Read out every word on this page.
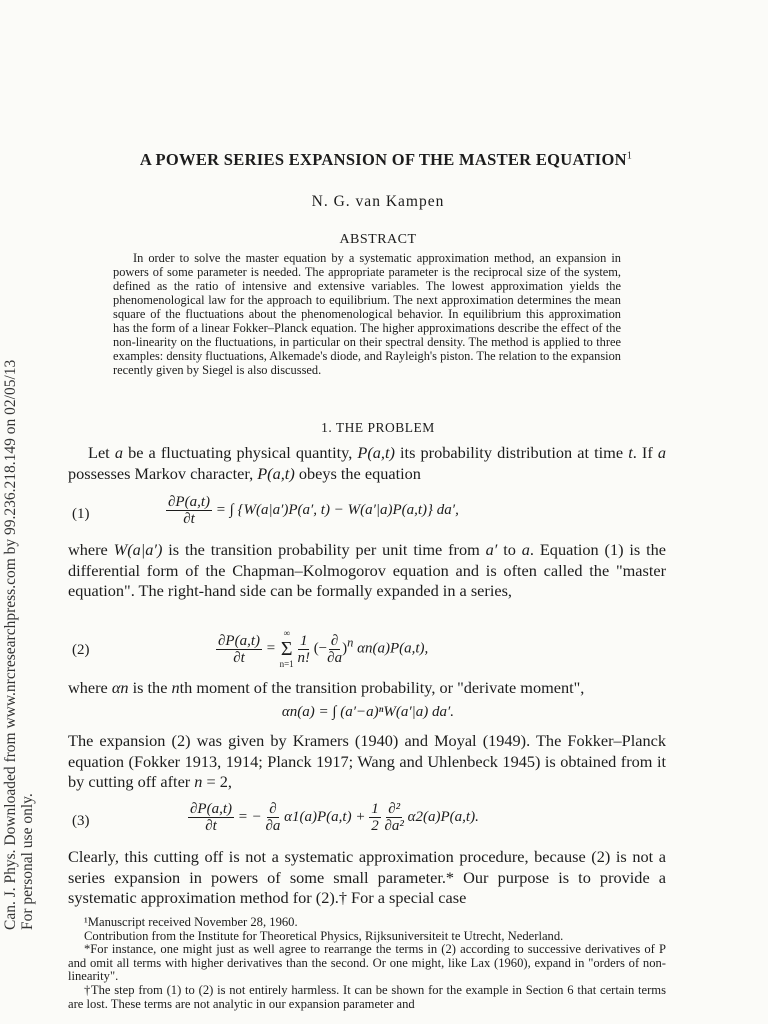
Can. J. Phys. Downloaded from www.nrcresearchpress.com by 99.236.218.149 on 02/05/13 For personal use only.
A POWER SERIES EXPANSION OF THE MASTER EQUATION$^1$
N. G. van Kampen
ABSTRACT
In order to solve the master equation by a systematic approximation method, an expansion in powers of some parameter is needed. The appropriate parameter is the reciprocal size of the system, defined as the ratio of intensive and extensive variables. The lowest approximation yields the phenomenological law for the approach to equilibrium. The next approximation determines the mean square of the fluctuations about the phenomenological behavior. In equilibrium this approximation has the form of a linear Fokker–Planck equation. The higher approximations describe the effect of the non-linearity on the fluctuations, in particular on their spectral density. The method is applied to three examples: density fluctuations, Alkemade's diode, and Rayleigh's piston. The relation to the expansion recently given by Siegel is also discussed.
1. THE PROBLEM
Let a be a fluctuating physical quantity, P(a,t) its probability distribution at time t. If a possesses Markov character, P(a,t) obeys the equation
(1)	$\frac{\partial P(a,t)}{\partial t}$ = ∫ {W(a|a′)P(a′, t) − W(a′|a)P(a,t)} da′,
where W(a|a′) is the transition probability per unit time from a′ to a. Equation (1) is the differential form of the Chapman–Kolmogorov equation and is often called the "master equation". The right-hand side can be formally expanded in a series,
(2)	$\frac{\partial P(a,t)}{\partial t}$ =
∞
Σ
n=1
$\frac{1}{n!}$ (− $\frac{\partial}{\partial a} )^n$ αn(a)P(a,t),
where αn is the nth moment of the transition probability, or "derivate moment",
αn(a) = ∫ (a′−a)ⁿW(a′|a) da′.
The expansion (2) was given by Kramers (1940) and Moyal (1949). The Fokker–Planck equation (Fokker 1913, 1914; Planck 1917; Wang and Uhlenbeck 1945) is obtained from it by cutting off after n = 2,
(3)	$\frac{\partial P(a,t)}{\partial t}$ = − $\frac{\partial}{\partial a} \alpha 1(a)P(a,t) + \frac{1}{2}$
$\frac{\text{∂²}}{\text{∂a²}} \alpha 2(a)P(a,t)$.
Clearly, this cutting off is not a systematic approximation procedure, because (2) is not a series expansion in powers of some small parameter.* Our purpose is to provide a systematic approximation method for (2).† For a special case
¹Manuscript received November 28, 1960.
Contribution from the Institute for Theoretical Physics, Rijksuniversiteit te Utrecht, Nederland.
*For instance, one might just as well agree to rearrange the terms in (2) according to successive derivatives of P and omit all terms with higher derivatives than the second. Or one might, like Lax (1960), expand in "orders of non-linearity".
†The step from (1) to (2) is not entirely harmless. It can be shown for the example in Section 6 that certain terms are lost. These terms are not analytic in our expansion parameter and
